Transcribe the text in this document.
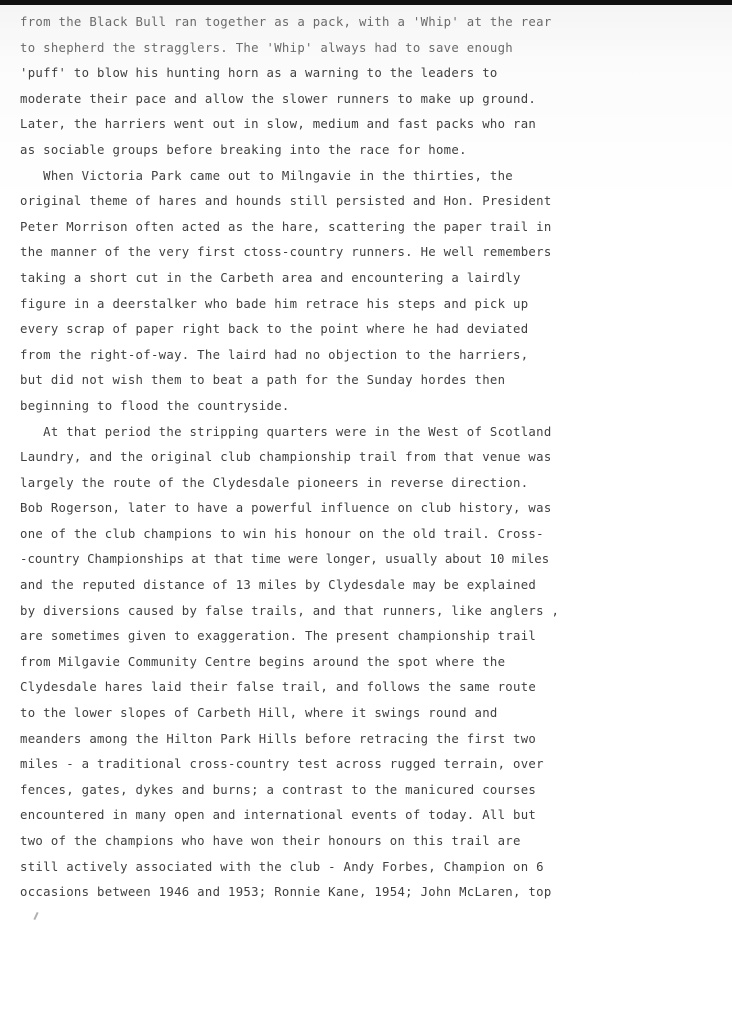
from the Black Bull ran together as a pack, with a 'Whip' at the rear
to shepherd the stragglers. The 'Whip' always had to save enough
'puff' to blow his hunting horn as a warning to the leaders to
moderate their pace and allow the slower runners to make up ground.
Later, the harriers went out in slow, medium and fast packs who ran
as sociable groups before breaking into the race for home.
When Victoria Park came out to Milngavie in the thirties, the
original theme of hares and hounds still persisted and Hon. President
Peter Morrison often acted as the hare, scattering the paper trail in
the manner of the very first ctoss-country runners. He well remembers
taking a short cut in the Carbeth area and encountering a lairdly
figure in a deerstalker who bade him retrace his steps and pick up
every scrap of paper right back to the point where he had deviated
from the right-of-way. The laird had no objection to the harriers,
but did not wish them to beat a path for the Sunday hordes then
beginning to flood the countryside.
At that period the stripping quarters were in the West of Scotland
Laundry, and the original club championship trail from that venue was
largely the route of the Clydesdale pioneers in reverse direction.
Bob Rogerson, later to have a powerful influence on club history, was
one of the club champions to win his honour on the old trail. Cross-
-country Championships at that time were longer, usually about 10 miles
and the reputed distance of 13 miles by Clydesdale may be explained
by diversions caused by false trails, and that runners, like anglers ,
are sometimes given to exaggeration. The present championship trail
from Milgavie Community Centre begins around the spot where the
Clydesdale hares laid their false trail, and follows the same route
to the lower slopes of Carbeth Hill, where it swings round and
meanders among the Hilton Park Hills before retracing the first two
miles - a traditional cross-country test across rugged terrain, over
fences, gates, dykes and burns; a contrast to the manicured courses
encountered in many open and international events of today. All but
two of the champions who have won their honours on this trail are
still actively associated with the club - Andy Forbes, Champion on 6
occasions between 1946 and 1953; Ronnie Kane, 1954; John McLaren, top
